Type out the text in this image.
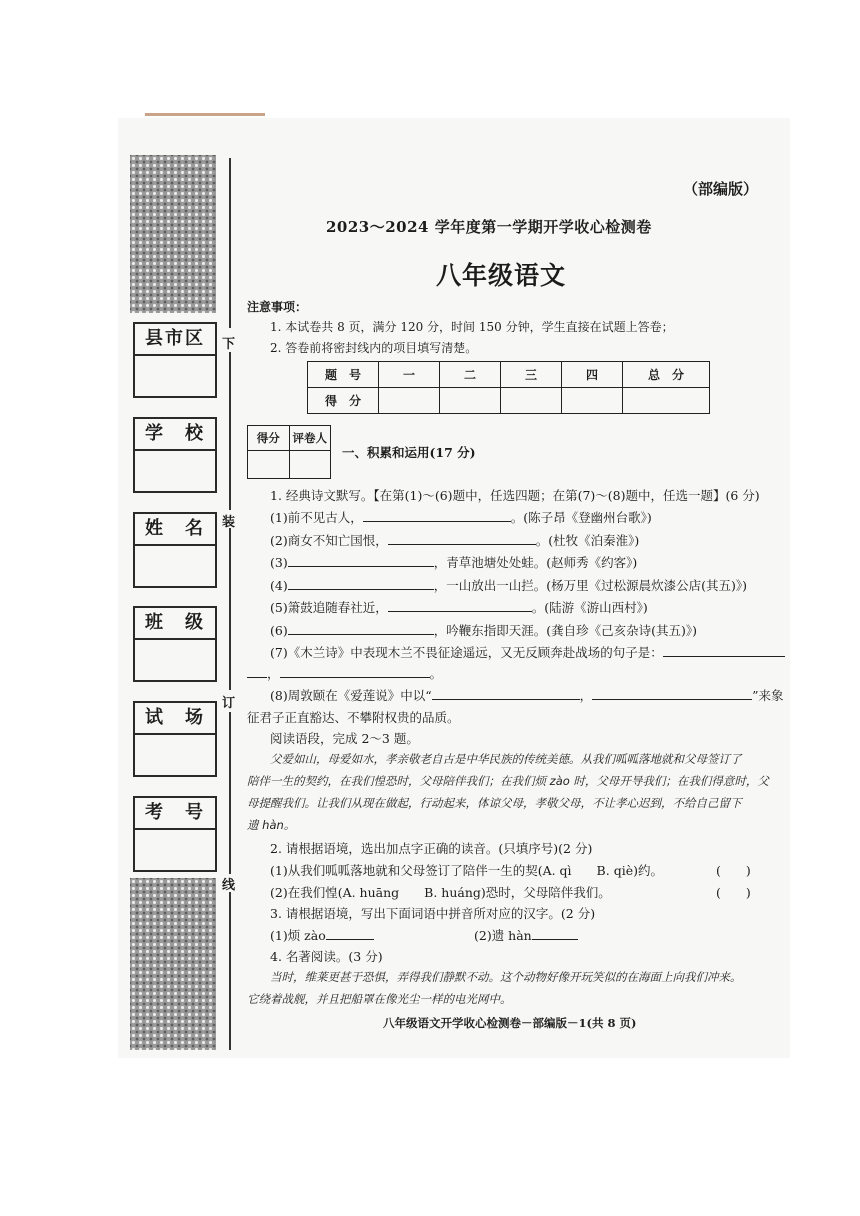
县市区
学　校
姓　名
班　级
试　场
考　号
下
装
订
线
（部编版）
2023～2024 学年度第一学期开学收心检测卷
八年级语文
注意事项：
1. 本试卷共 8 页，满分 120 分，时间 150 分钟，学生直接在试题上答卷；
2. 答卷前将密封线内的项目填写清楚。
题　号	一	二	三	四	总　分
得　分					
得分	评卷人
一、积累和运用(17 分)
1. 经典诗文默写。【在第(1)～(6)题中，任选四题；在第(7)～(8)题中，任选一题】(6 分)
(1)前不见古人，	。(陈子昂《登幽州台歌》)
(2)商女不知亡国恨，	。(杜牧《泊秦淮》)
(3)	，青草池塘处处蛙。(赵师秀《约客》)
(4)	，一山放出一山拦。(杨万里《过松源晨炊漆公店(其五)》)
(5)箫鼓追随春社近，	。(陆游《游山西村》)
(6)	，吟鞭东指即天涯。(龚自珍《己亥杂诗(其五)》)
(7)《木兰诗》中表现木兰不畏征途遥远，又无反顾奔赴战场的句子是：
，	。
(8)周敦颐在《爱莲说》中以“	，	”来象
征君子正直豁达、不攀附权贵的品质。
阅读语段，完成 2～3 题。
父爱如山，母爱如水，孝亲敬老自古是中华民族的传统美德。从我们呱呱落地就和父母签订了
陪伴一生的契约，在我们惶恐时，父母陪伴我们；在我们烦 zào 时，父母开导我们；在我们得意时，父
母提醒我们。让我们从现在做起，行动起来，体谅父母，孝敬父母，不让孝心迟到，不给自己留下
遗 hàn。
2. 请根据语境，选出加点字正确的读音。(只填序号)(2 分)
(1)从我们呱呱落地就和父母签订了陪伴一生的契(A. qì　　B. qiè)约。	(　　)
(2)在我们惶(A. huāng　　B. huáng)恐时，父母陪伴我们。	(　　)
3. 请根据语境，写出下面词语中拼音所对应的汉字。(2 分)
(1)烦 zào	(2)遗 hàn
4. 名著阅读。(3 分)
当时，维莱更甚于恐惧，弄得我们静默不动。这个动物好像开玩笑似的在海面上向我们冲来。
它绕着战舰，并且把船罩在像光尘一样的电光网中。
八年级语文开学收心检测卷－部编版－1(共 8 页)
